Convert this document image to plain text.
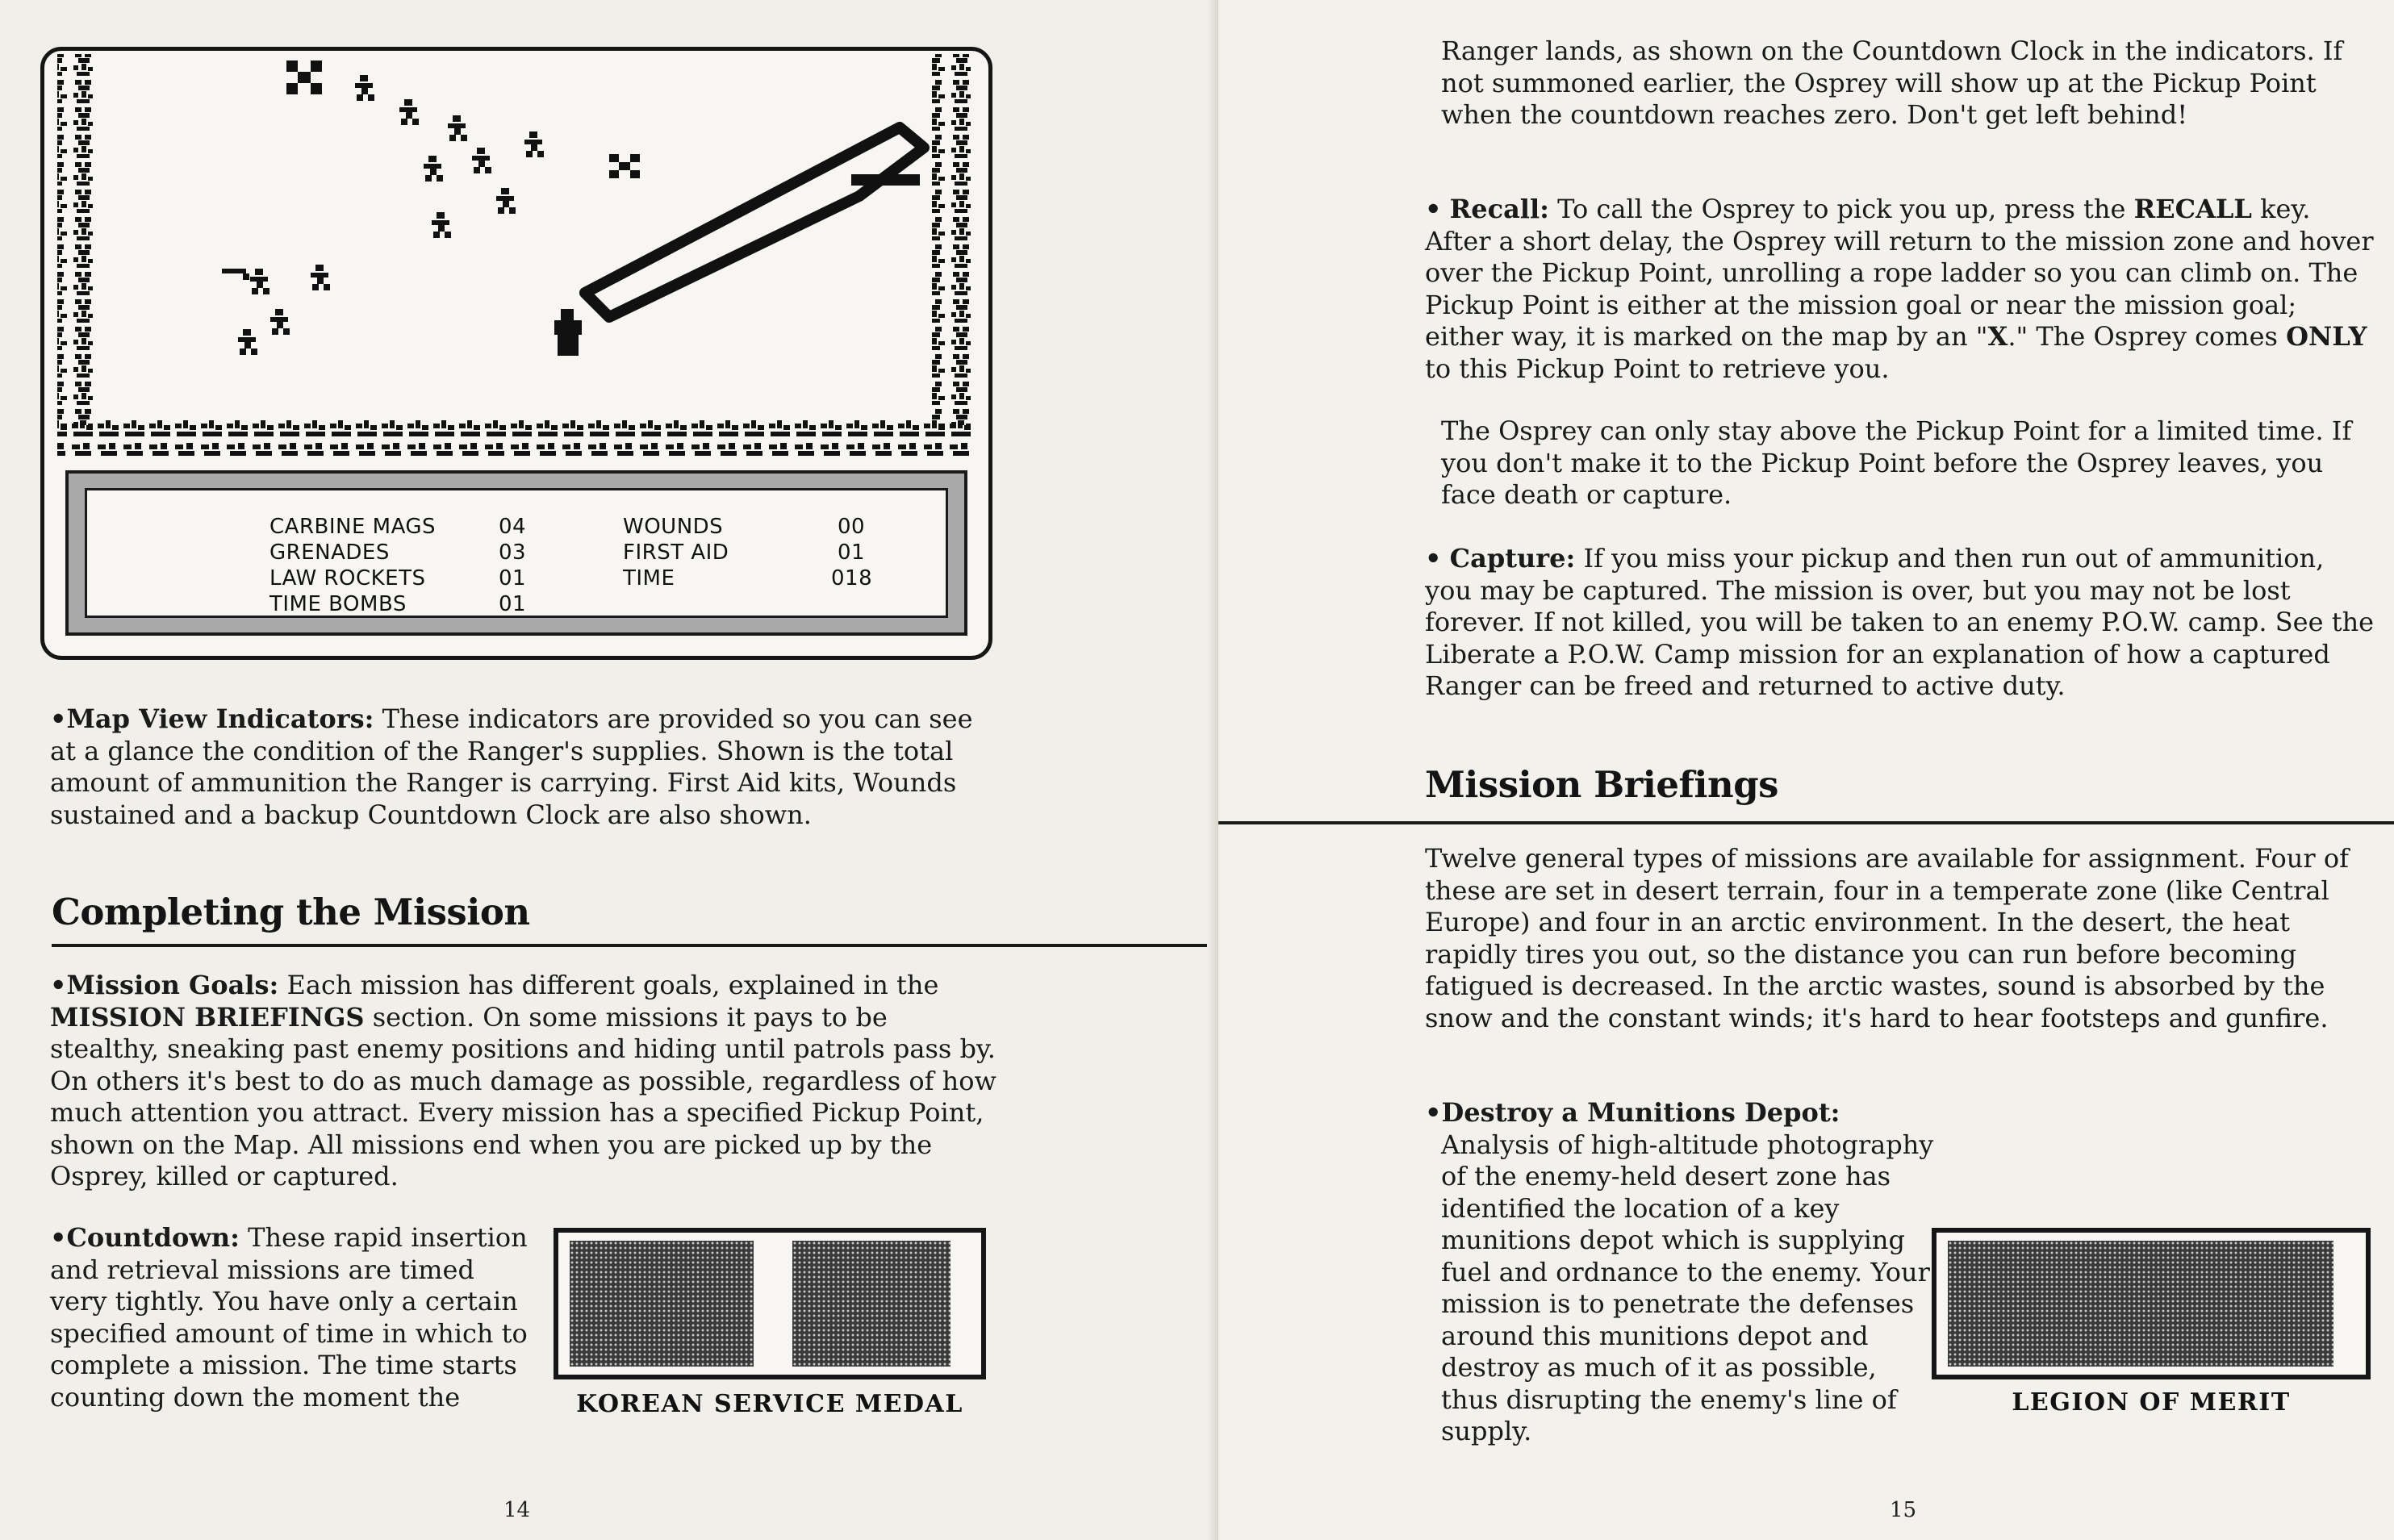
CARBINE MAGS	04
GRENADES	03
LAW ROCKETS	01
TIME BOMBS	01
WOUNDS	00
FIRST AID	01
TIME	018
•Map View Indicators: These indicators are provided so you can see at a glance the condition of the Ranger's supplies. Shown is the total amount of ammunition the Ranger is carrying. First Aid kits, Wounds sustained and a backup Countdown Clock are also shown.
Completing the Mission
•Mission Goals: Each mission has different goals, explained in the MISSION BRIEFINGS section. On some missions it pays to be stealthy, sneaking past enemy positions and hiding until patrols pass by. On others it's best to do as much damage as possible, regardless of how much attention you attract. Every mission has a specified Pickup Point, shown on the Map. All missions end when you are picked up by the Osprey, killed or captured.
•Countdown: These rapid insertion and retrieval missions are timed very tightly. You have only a certain specified amount of time in which to complete a mission. The time starts counting down the moment the	KOREAN SERVICE MEDAL
14
Ranger lands, as shown on the Countdown Clock in the indicators. If not summoned earlier, the Osprey will show up at the Pickup Point when the countdown reaches zero. Don't get left behind!
• Recall: To call the Osprey to pick you up, press the RECALL key. After a short delay, the Osprey will return to the mission zone and hover over the Pickup Point, unrolling a rope ladder so you can climb on. The Pickup Point is either at the mission goal or near the mission goal; either way, it is marked on the map by an "X." The Osprey comes ONLY to this Pickup Point to retrieve you.
The Osprey can only stay above the Pickup Point for a limited time. If you don't make it to the Pickup Point before the Osprey leaves, you face death or capture.
• Capture: If you miss your pickup and then run out of ammunition, you may be captured. The mission is over, but you may not be lost forever. If not killed, you will be taken to an enemy P.O.W. camp. See the Liberate a P.O.W. Camp mission for an explanation of how a captured Ranger can be freed and returned to active duty.
Mission Briefings
Twelve general types of missions are available for assignment. Four of these are set in desert terrain, four in a temperate zone (like Central Europe) and four in an arctic environment. In the desert, the heat rapidly tires you out, so the distance you can run before becoming fatigued is decreased. In the arctic wastes, sound is absorbed by the snow and the constant winds; it's hard to hear footsteps and gunfire.
•Destroy a Munitions Depot:
Analysis of high-altitude photography of the enemy-held desert zone has identified the location of a key munitions depot which is supplying fuel and ordnance to the enemy. Your mission is to penetrate the defenses around this munitions depot and destroy as much of it as possible, thus disrupting the enemy's line of supply.
LEGION OF MERIT
15
